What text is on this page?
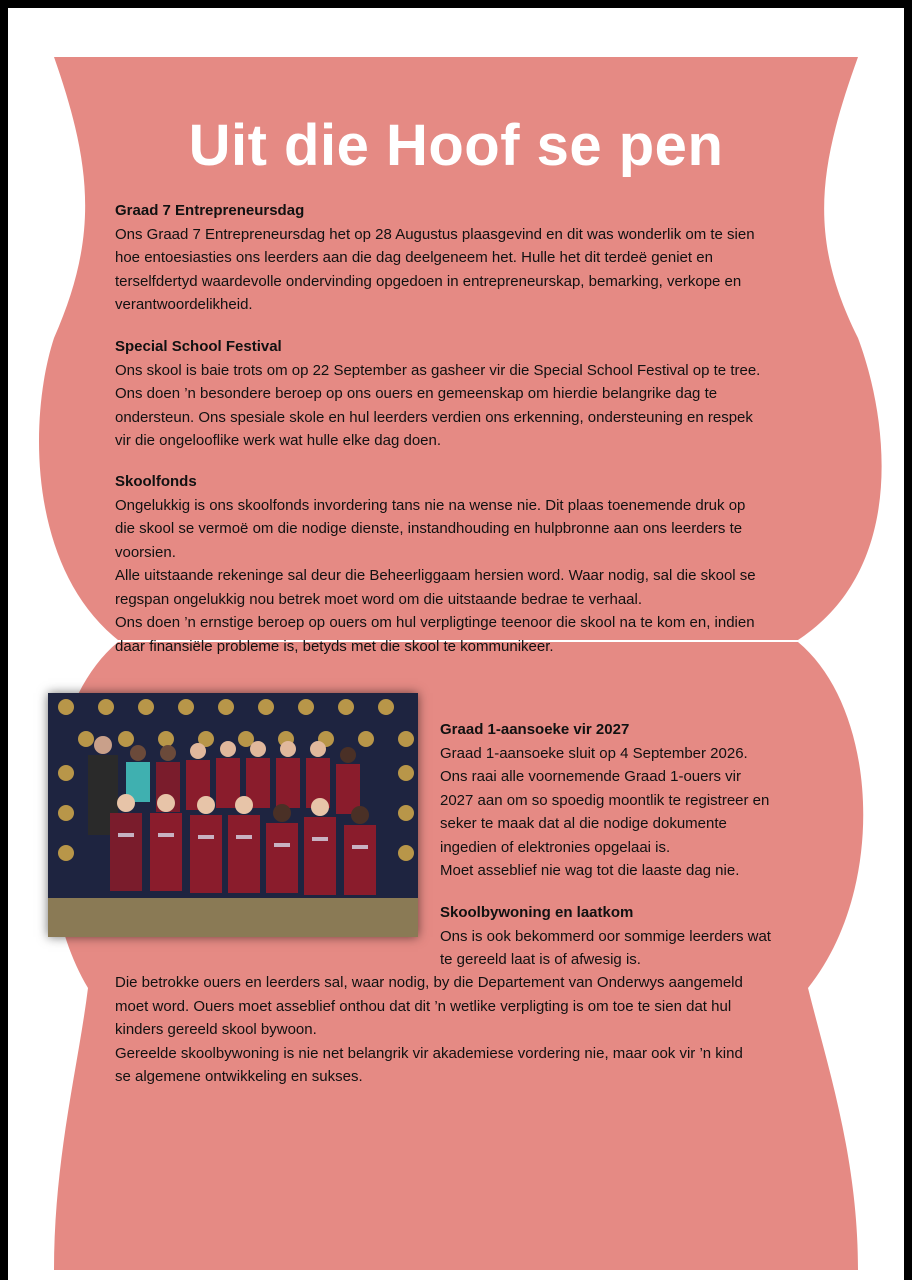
Uit die Hoof se pen
Graad 7 Entrepreneursdag

Ons Graad 7 Entrepreneursdag het op 28 Augustus plaasgevind en dit was wonderlik om te sien

hoe entoesiasties ons leerders aan die dag deelgeneem het. Hulle het dit terdeë geniet en

terselfdertyd waardevolle ondervinding opgedoen in entrepreneurskap, bemarking, verkope en

verantwoordelikheid.

Special School Festival

Ons skool is baie trots om op 22 September as gasheer vir die Special School Festival op te tree.

Ons doen ’n besondere beroep op ons ouers en gemeenskap om hierdie belangrike dag te

ondersteun. Ons spesiale skole en hul leerders verdien ons erkenning, ondersteuning en respek

vir die ongelooflike werk wat hulle elke dag doen.

Skoolfonds

Ongelukkig is ons skoolfonds invordering tans nie na wense nie. Dit plaas toenemende druk op

die skool se vermoë om die nodige dienste, instandhouding en hulpbronne aan ons leerders te

voorsien.

Alle uitstaande rekeninge sal deur die Beheerliggaam hersien word. Waar nodig, sal die skool se

regspan ongelukkig nou betrek moet word om die uitstaande bedrae te verhaal.

Ons doen ’n ernstige beroep op ouers om hul verpligtinge teenoor die skool na te kom en, indien

daar finansiële probleme is, betyds met die skool te kommunikeer.

Graad 1-aansoeke vir 2027

Graad 1-aansoeke sluit op 4 September 2026.

Ons raai alle voornemende Graad 1-ouers vir

2027 aan om so spoedig moontlik te registreer en

seker te maak dat al die nodige dokumente

ingedien of elektronies opgelaai is.

Moet asseblief nie wag tot die laaste dag nie.

Skoolbywoning en laatkom

Ons is ook bekommerd oor sommige leerders wat

te gereeld laat is of afwesig is.

Die betrokke ouers en leerders sal, waar nodig, by die Departement van Onderwys aangemeld

moet word. Ouers moet asseblief onthou dat dit ’n wetlike verpligting is om toe te sien dat hul

kinders gereeld skool bywoon.

Gereelde skoolbywoning is nie net belangrik vir akademiese vordering nie, maar ook vir ’n kind

se algemene ontwikkeling en sukses.
